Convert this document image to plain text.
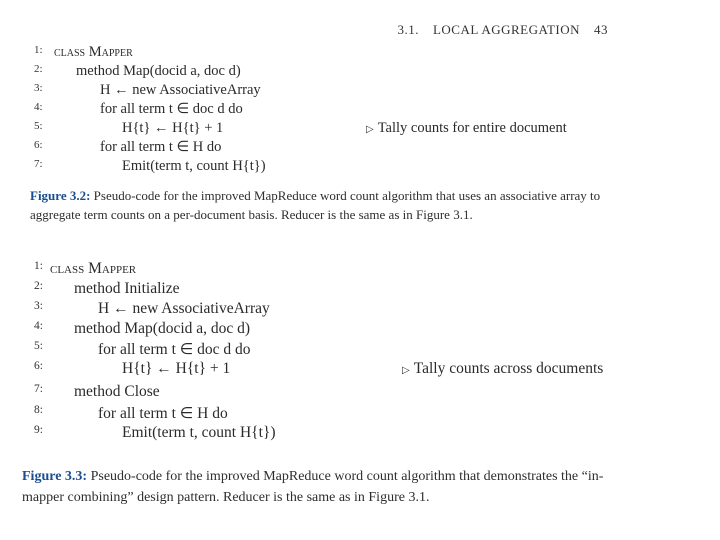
3.1. LOCAL AGGREGATION 43
1: class Mapper
2: method Map(docid a, doc d)
3:	H ← new AssociativeArray
4:	for all term t ∈ doc d do
5:	H{t} ← H{t} + 1	▷ Tally counts for entire document
6:	for all term t ∈ H do
7:	Emit(term t, count H{t})
Figure 3.2: Pseudo-code for the improved MapReduce word count algorithm that uses an associative array to aggregate term counts on a per-document basis. Reducer is the same as in Figure 3.1.
1: class Mapper
2: method Initialize
3:	H ← new AssociativeArray
4: method Map(docid a, doc d)
5:	for all term t ∈ doc d do
6:	H{t} ← H{t} + 1	▷ Tally counts across documents
7: method Close
8:	for all term t ∈ H do
9:	Emit(term t, count H{t})
Figure 3.3: Pseudo-code for the improved MapReduce word count algorithm that demonstrates the “in-mapper combining” design pattern. Reducer is the same as in Figure 3.1.
